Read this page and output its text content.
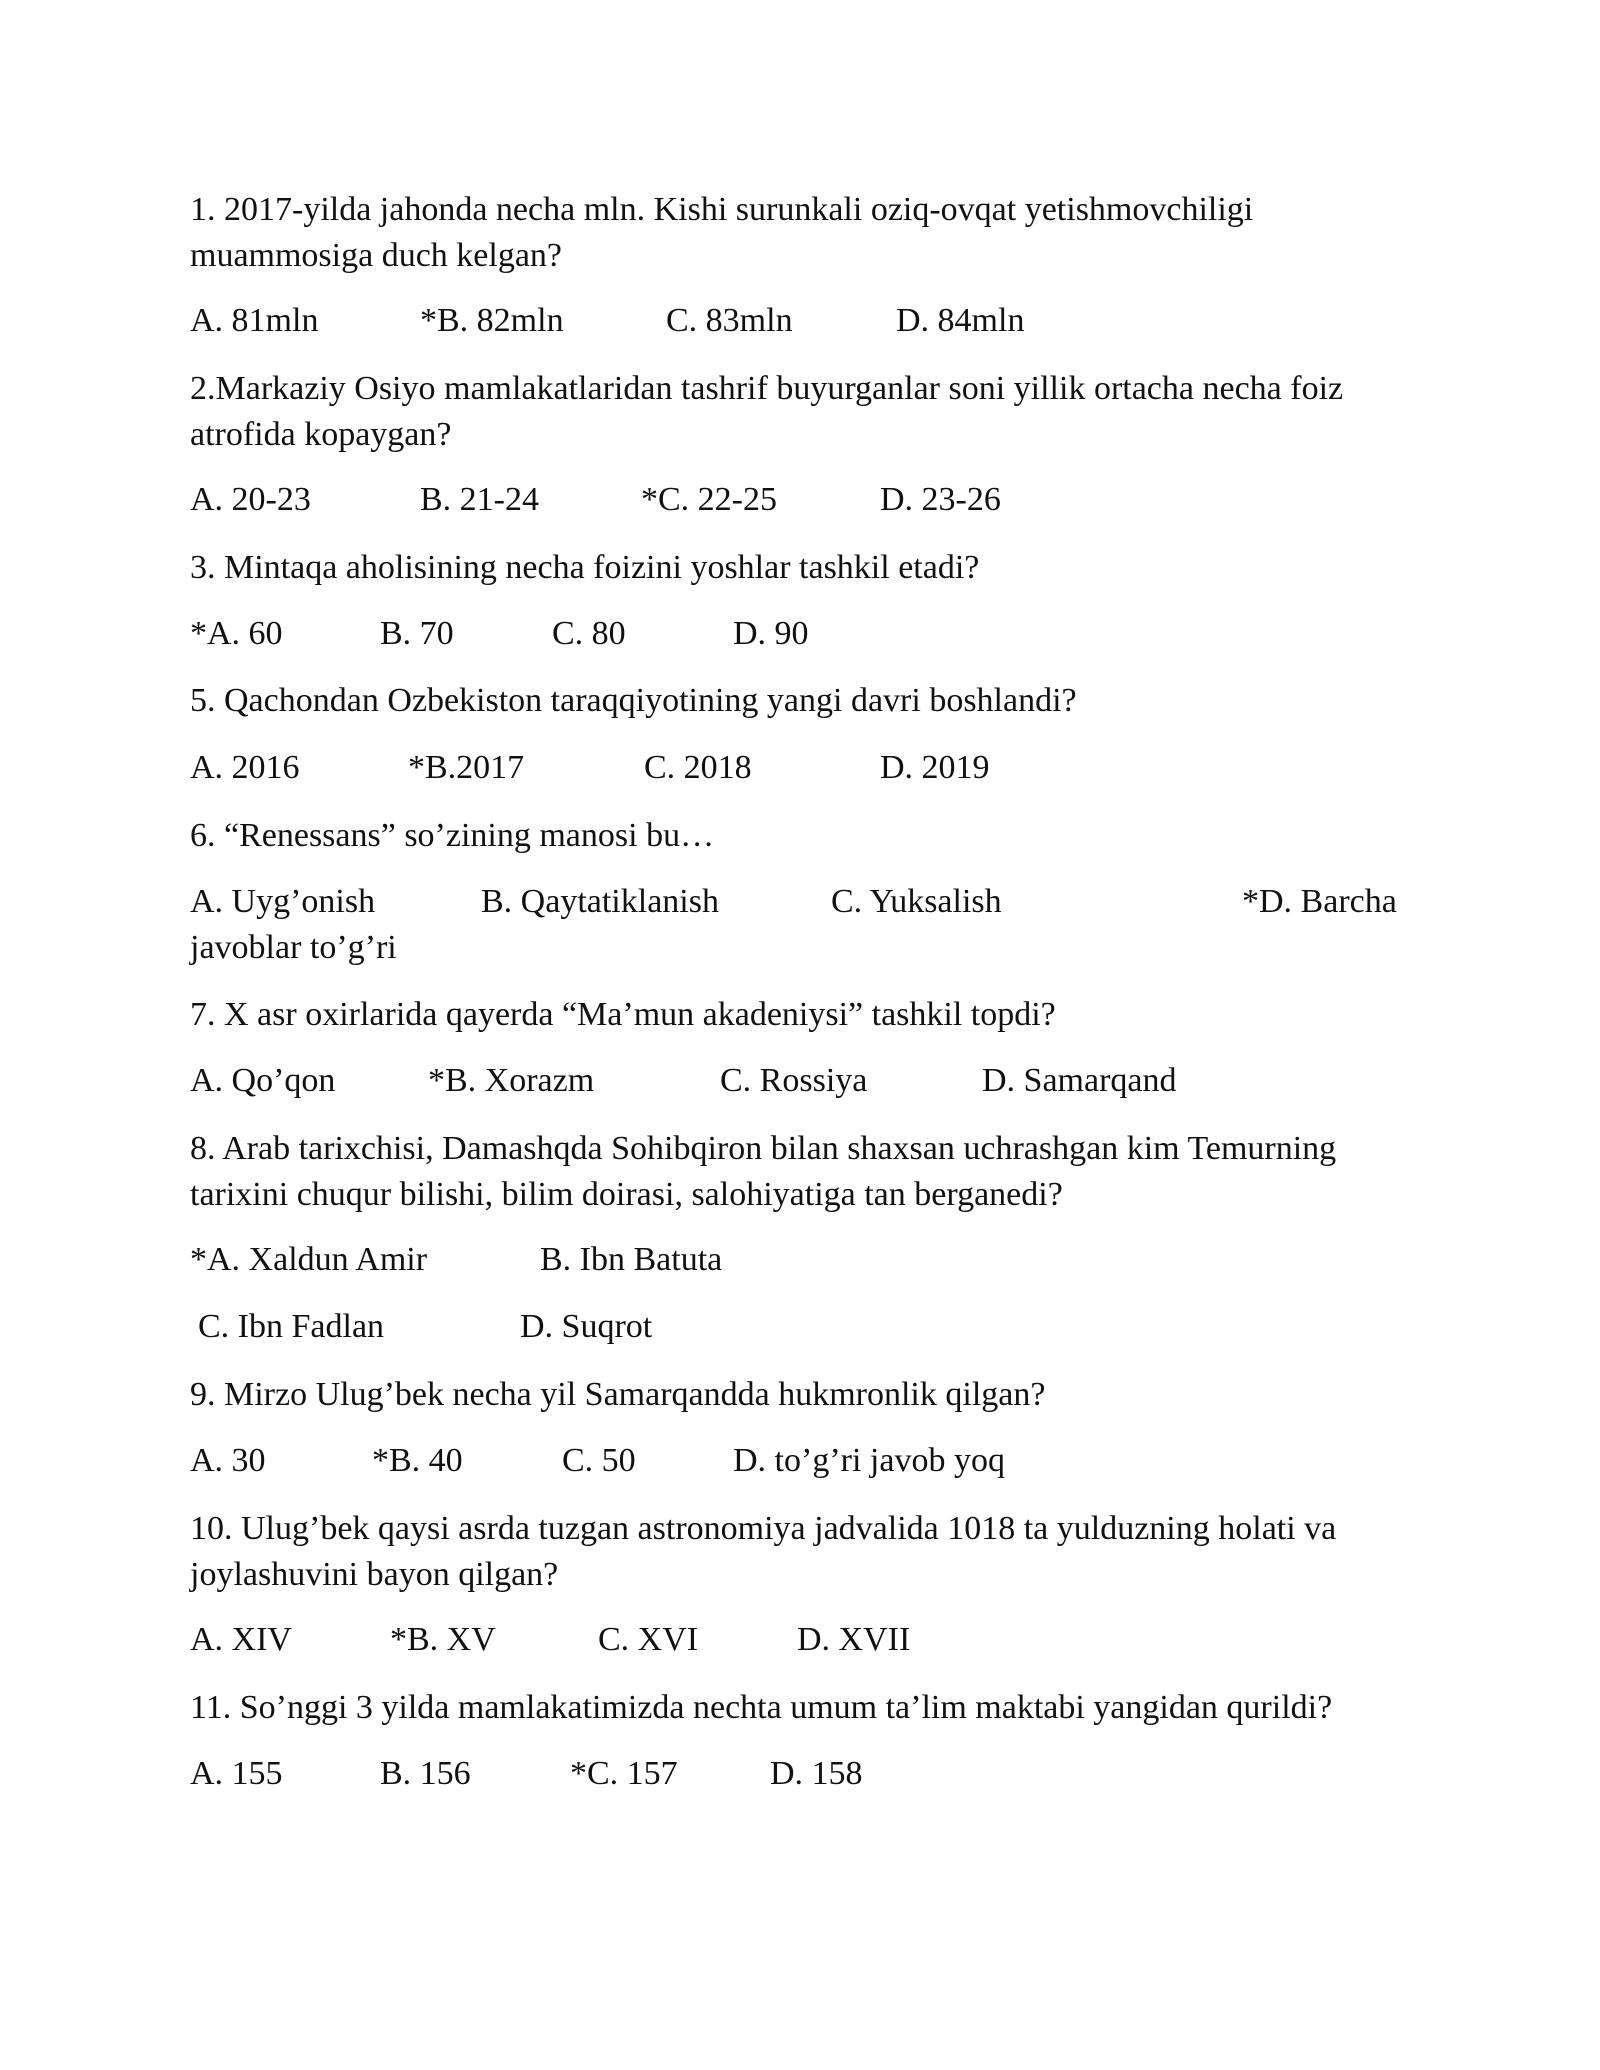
1. 2017-yilda jahonda necha mln. Kishi surunkali oziq-ovqat yetishmovchiligi
muammosiga duch kelgan?
A. 81mln	*B. 82mln	C. 83mln	D. 84mln
2.Markaziy Osiyo mamlakatlaridan tashrif buyurganlar soni yillik ortacha necha foiz
atrofida kopaygan?
A. 20-23	B. 21-24	*C. 22-25	D. 23-26
3. Mintaqa aholisining necha foizini yoshlar tashkil etadi?
*A. 60	B. 70	C. 80	D. 90
5. Qachondan Ozbekiston taraqqiyotining yangi davri boshlandi?
A. 2016	*B.2017	C. 2018	D. 2019
6. “Renessans” so’zining manosi bu…
A. Uyg’onish	B. Qaytatiklanish	C. Yuksalish	*D. Barcha
javoblar to’g’ri
7. X asr oxirlarida qayerda “Ma’mun akadeniysi” tashkil topdi?
A. Qo’qon	*B. Xorazm	C. Rossiya	D. Samarqand
8. Arab tarixchisi, Damashqda Sohibqiron bilan shaxsan uchrashgan kim Temurning
tarixini chuqur bilishi, bilim doirasi, salohiyatiga tan berganedi?
*A. Xaldun Amir	B. Ibn Batuta
C. Ibn Fadlan	D. Suqrot
9. Mirzo Ulug’bek necha yil Samarqandda hukmronlik qilgan?
A. 30	*B. 40	C. 50	D. to’g’ri javob yoq
10. Ulug’bek qaysi asrda tuzgan astronomiya jadvalida 1018 ta yulduzning holati va
joylashuvini bayon qilgan?
A. XIV	*B. XV	C. XVI	D. XVII
11. So’nggi 3 yilda mamlakatimizda nechta umum ta’lim maktabi yangidan qurildi?
A. 155	B. 156	*C. 157	D. 158
